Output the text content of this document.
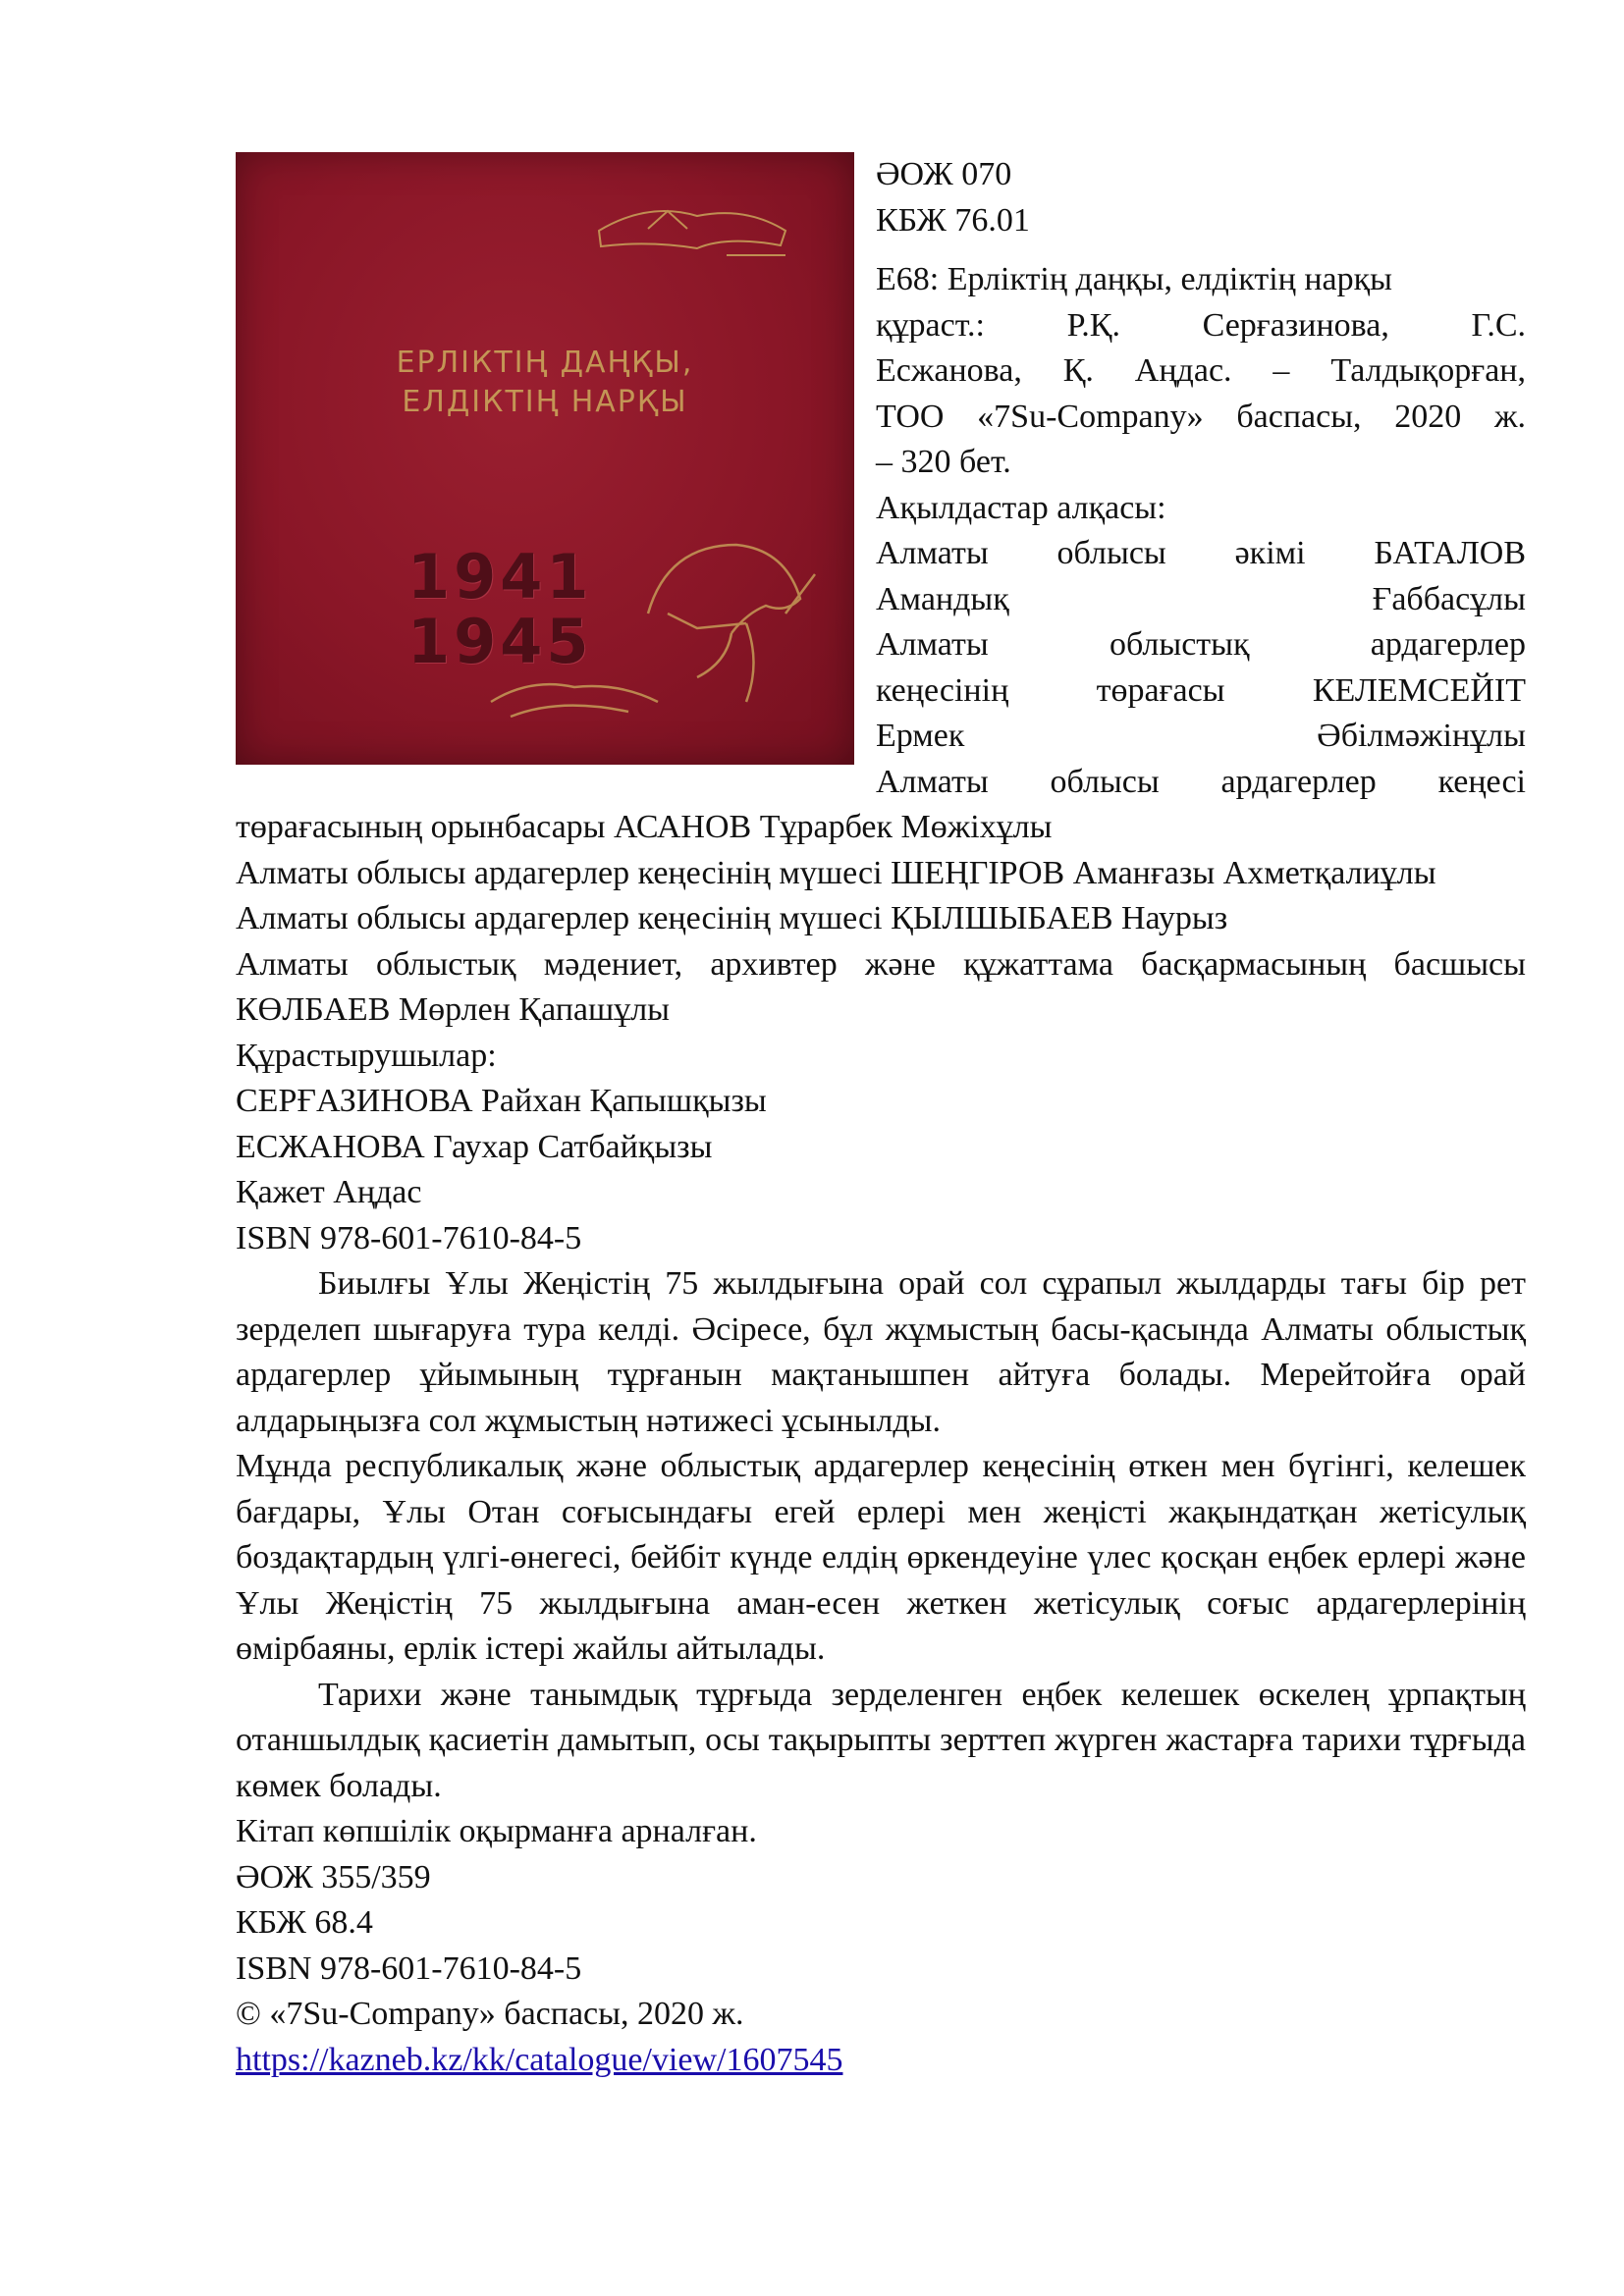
ЕРЛІКТІҢ ДАҢҚЫ,
ЕЛДІКТІҢ НАРҚЫ
1941
1945

ӘОЖ 070

КБЖ 76.01

Е68: Ерліктің даңқы, елдіктің нарқы

құраст.: Р.Қ. Серғазинова, Г.С.

Есжанова, Қ. Аңдас. – Талдықорған,

ТОО «7Su-Company» баспасы, 2020 ж.

– 320 бет.

Ақылдастар алқасы:

Алматы облысы әкімі БАТАЛОВ

Амандық Ғаббасұлы

Алматы облыстық ардагерлер

кеңесінің төрағасы КЕЛЕМСЕЙІТ

Ермек Әбілмәжінұлы

Алматы облысы ардагерлер кеңесі

төрағасының орынбасары АСАНОВ Тұрарбек Мөжіхұлы

Алматы облысы ардагерлер кеңесінің мүшесі ШЕҢГІРОВ Аманғазы Ахметқалиұлы

Алматы облысы ардагерлер кеңесінің мүшесі ҚЫЛШЫБАЕВ Наурыз

Алматы облыстық мәдениет, архивтер және құжаттама басқармасының басшысы КӨЛБАЕВ Мөрлен Қапашұлы

Құрастырушылар:

СЕРҒАЗИНОВА Райхан Қапышқызы

ЕСЖАНОВА Гаухар Сатбайқызы

Қажет Аңдас

ISBN 978-601-7610-84-5

Биылғы Ұлы Жеңістің 75 жылдығына орай сол сұрапыл жылдарды тағы бір рет зерделеп шығаруға тура келді. Әсіресе, бұл жұмыстың басы-қасында Алматы облыстық ардагерлер ұйымының тұрғанын мақтанышпен айтуға болады. Мерейтойға орай алдарыңызға сол жұмыстың нәтижесі ұсынылды.

Мұнда республикалық және облыстық ардагерлер кеңесінің өткен мен бүгінгі, келешек бағдары, Ұлы Отан соғысындағы егей ерлері мен жеңісті жақындатқан жетісулық боздақтардың үлгі-өнегесі, бейбіт күнде елдің өркендеуіне үлес қосқан еңбек ерлері және Ұлы Жеңістің 75 жылдығына аман-есен жеткен жетісулық соғыс ардагерлерінің өмірбаяны, ерлік істері жайлы айтылады.

Тарихи және танымдық тұрғыда зерделенген еңбек келешек өскелең ұрпақтың отаншылдық қасиетін дамытып, осы тақырыпты зерттеп жүрген жастарға тарихи тұрғыда көмек болады.

Кітап көпшілік оқырманға арналған.

ӘОЖ 355/359

КБЖ 68.4

ISBN 978-601-7610-84-5

© «7Su-Company» баспасы, 2020 ж.

https://kazneb.kz/kk/catalogue/view/1607545
